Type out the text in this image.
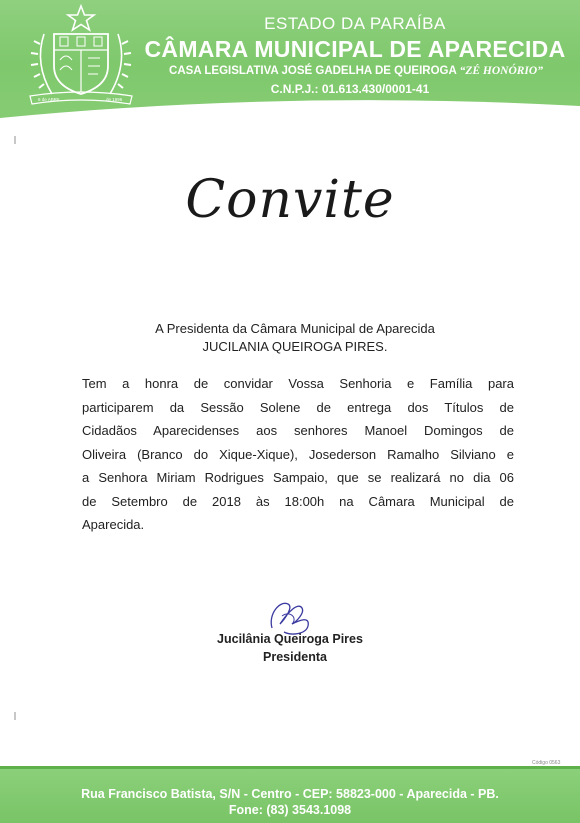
6 de ABRIL	de 1996
ESTADO DA PARAÍBA
CÂMARA MUNICIPAL DE APARECIDA
CASA LEGISLATIVA JOSÉ GADELHA DE QUEIROGA “ZÉ HONÓRIO”
C.N.P.J.: 01.613.430/0001-41
Convite
A Presidenta da Câmara Municipal de Aparecida
JUCILANIA QUEIROGA PIRES.
Tem a honra de convidar Vossa Senhoria e Família para
participarem da Sessão Solene de entrega dos Títulos de
Cidadãos Aparecidenses aos senhores Manoel Domingos de
Oliveira (Branco do Xique-Xique), Josederson Ramalho Silviano e
a Senhora Miriam Rodrigues Sampaio, que se realizará no dia 06
de Setembro de 2018 às 18:00h na Câmara Municipal de
Aparecida.
Jucilânia Queiroga Pires
Presidenta
Código 0563
Rua Francisco Batista, S/N - Centro - CEP: 58823-000 - Aparecida - PB.
Fone: (83) 3543.1098
